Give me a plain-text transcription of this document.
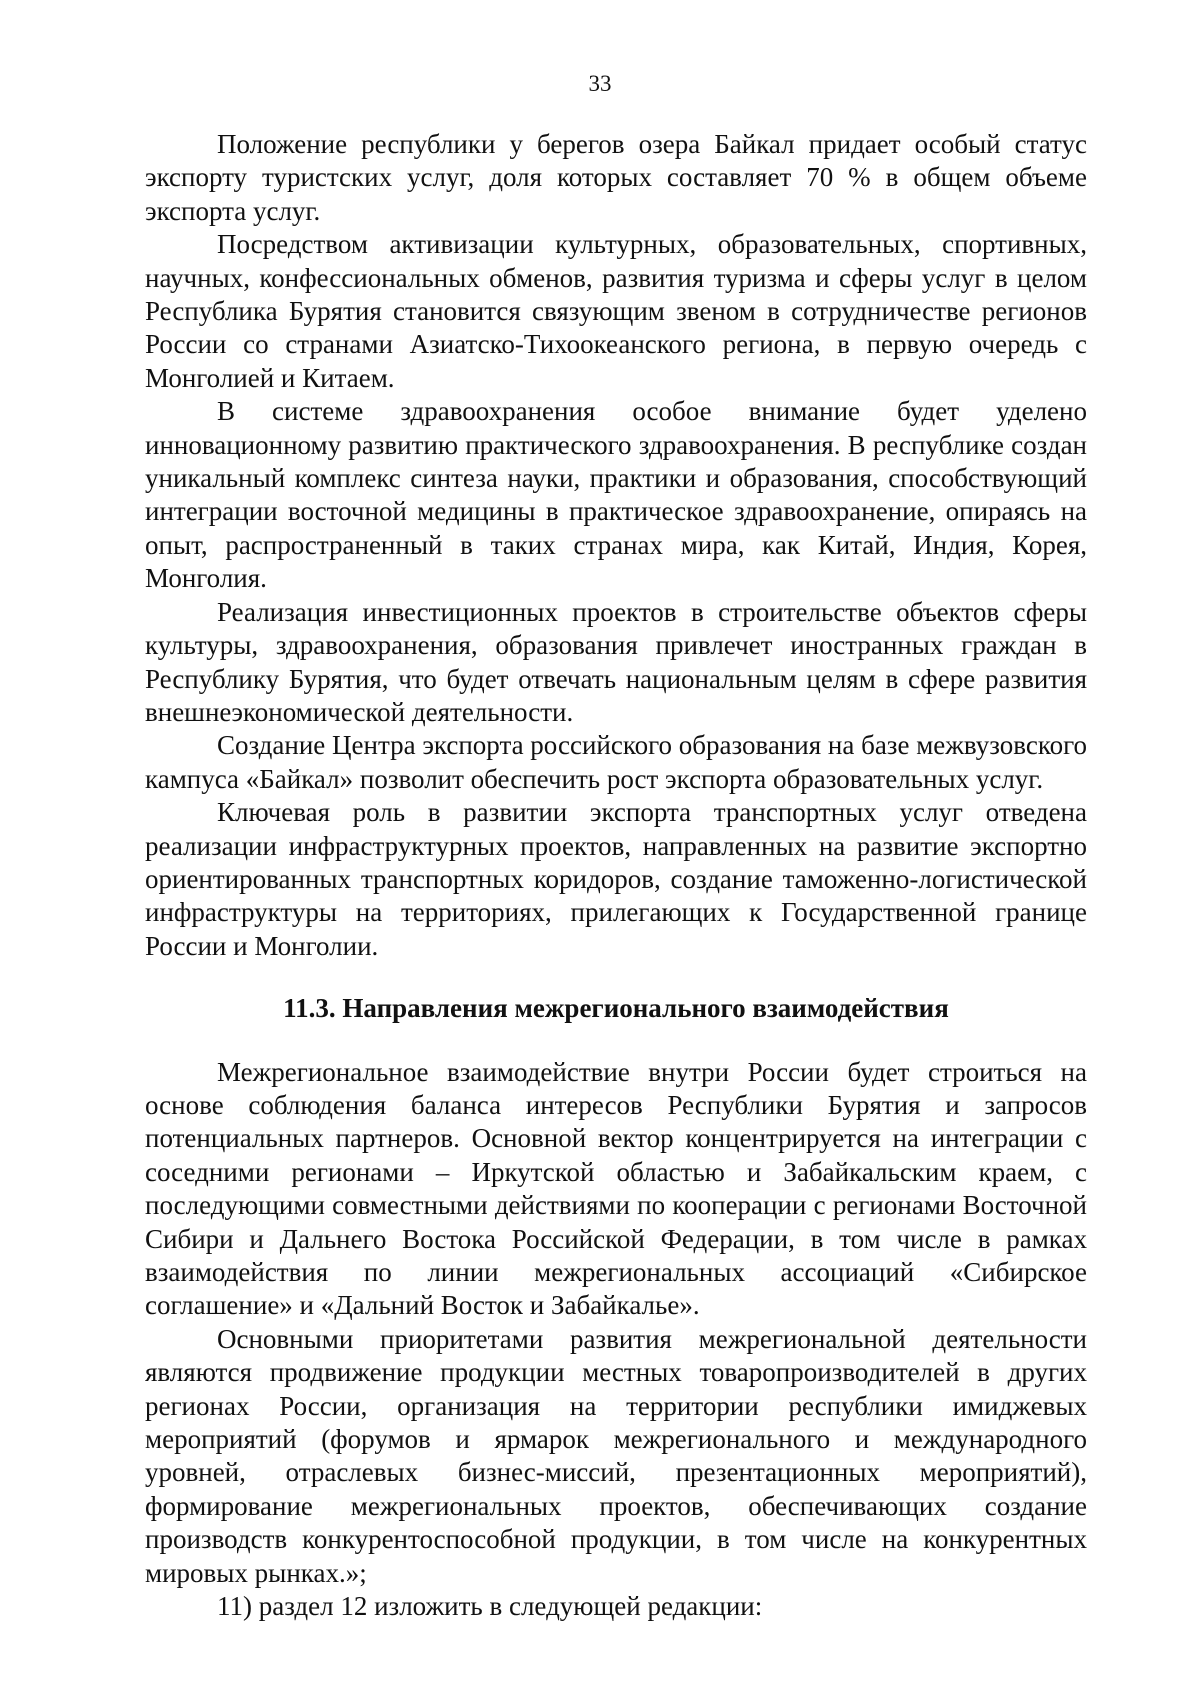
33

Положение республики у берегов озера Байкал придает особый статус экспорту туристских услуг, доля которых составляет 70 % в общем объеме экспорта услуг.

Посредством активизации культурных, образовательных, спортивных, научных, конфессиональных обменов, развития туризма и сферы услуг в целом Республика Бурятия становится связующим звеном в сотрудничестве регионов России со странами Азиатско-Тихоокеанского региона, в первую очередь с Монголией и Китаем.

В системе здравоохранения особое внимание будет уделено инновационному развитию практического здравоохранения. В республике создан уникальный комплекс синтеза науки, практики и образования, способствующий интеграции восточной медицины в практическое здравоохранение, опираясь на опыт, распространенный в таких странах мира, как Китай, Индия, Корея, Монголия.

Реализация инвестиционных проектов в строительстве объектов сферы культуры, здравоохранения, образования привлечет иностранных граждан в Республику Бурятия, что будет отвечать национальным целям в сфере развития внешнеэкономической деятельности.

Создание Центра экспорта российского образования на базе межвузовского кампуса «Байкал» позволит обеспечить рост экспорта образовательных услуг.

Ключевая роль в развитии экспорта транспортных услуг отведена реализации инфраструктурных проектов, направленных на развитие экспортно ориентированных транспортных коридоров, создание таможенно-логистической инфраструктуры на территориях, прилегающих к Государственной границе России и Монголии.

11.3. Направления межрегионального взаимодействия

Межрегиональное взаимодействие внутри России будет строиться на основе соблюдения баланса интересов Республики Бурятия и запросов потенциальных партнеров. Основной вектор концентрируется на интеграции с соседними регионами – Иркутской областью и Забайкальским краем, с последующими совместными действиями по кооперации с регионами Восточной Сибири и Дальнего Востока Российской Федерации, в том числе в рамках взаимодействия по линии межрегиональных ассоциаций «Сибирское соглашение» и «Дальний Восток и Забайкалье».

Основными приоритетами развития межрегиональной деятельности являются продвижение продукции местных товаропроизводителей в других регионах России, организация на территории республики имиджевых мероприятий (форумов и ярмарок межрегионального и международного уровней, отраслевых бизнес-миссий, презентационных мероприятий), формирование межрегиональных проектов, обеспечивающих создание производств конкурентоспособной продукции, в том числе на конкурентных мировых рынках.»;

11) раздел 12 изложить в следующей редакции:
